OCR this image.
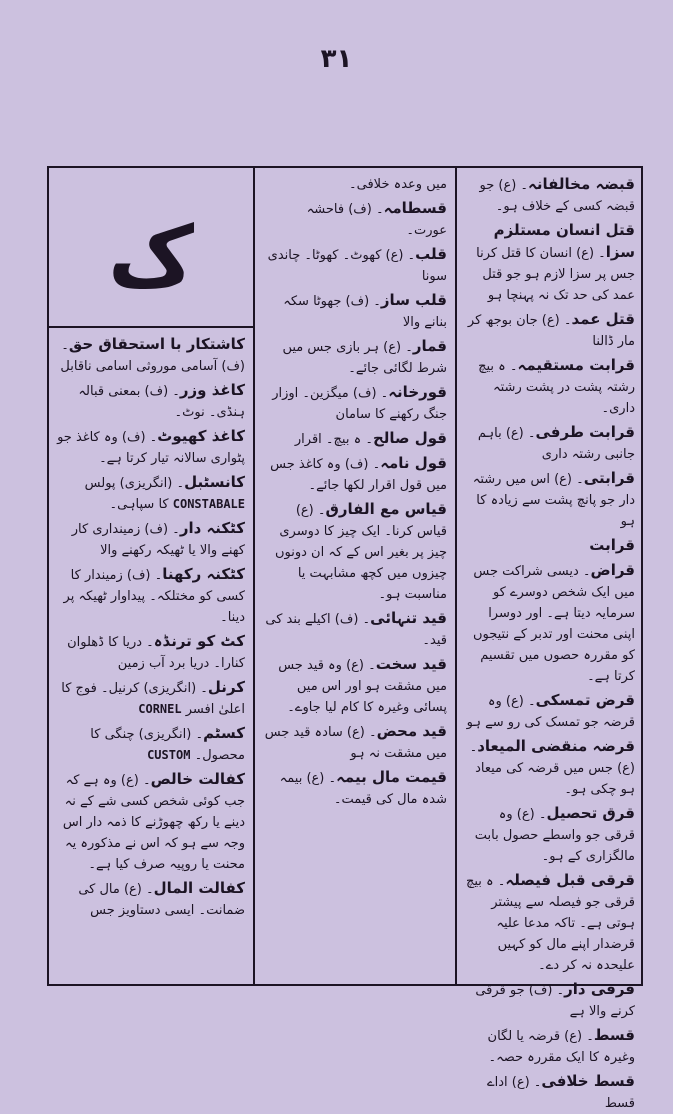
۳۱

قبضہ مخالفانہ۔ (ع) جو قبضہ کسی کے خلاف ہو۔

قتل انسان مستلزم سزا۔ (ع) انسان کا قتل کرنا جس پر سزا لازم ہو جو قتل عمد کی حد تک نہ پہنچا ہو

قتل عمد۔ (ع) جان بوجھ کر مار ڈالنا

قرابت مستقیمہ۔ ہ بیچ رشتہ پشت در پشت رشتہ داری۔

قرابت طرفی۔ (ع) باہم جانبی رشتہ داری

قرابتی۔ (ع) اس میں رشتہ دار جو پانچ پشت سے زیادہ کا ہو

قرابت

قراض۔ دیسی شراکت جس میں ایک شخص دوسرے کو سرمایہ دیتا ہے۔ اور دوسرا اپنی محنت اور تدبر کے نتیجوں کو مقررہ حصوں میں تقسیم کرتا ہے۔

قرض تمسکی۔ (ع) وہ قرضہ جو تمسک کی رو سے ہو

قرضہ منقضی المیعاد۔ (ع) جس میں قرضہ کی میعاد ہو چکی ہو۔

قرق تحصیل۔ (ع) وہ قرقی جو واسطے حصول بابت مالگزاری کے ہو۔

قرقی قبل فیصلہ۔ ہ بیچ قرقی جو فیصلہ سے پیشتر ہوتی ہے۔ تاکہ مدعا علیہ قرضدار اپنے مال کو کہیں علیحدہ نہ کر دے۔

قرقی دار۔ (ف) جو قرقی کرنے والا ہے

قسط۔ (ع) قرضہ یا لگان وغیرہ کا ایک مقررہ حصہ۔

قسط خلافی۔ (ع) اداے قسط

میں وعدہ خلافی۔

قسطامہ۔ (ف) فاحشہ عورت۔

قلب۔ (ع) کھوٹ۔ کھوٹا۔ چاندی سونا

قلب ساز۔ (ف) جھوٹا سکہ بنانے والا

قمار۔ (ع) ہر بازی جس میں شرط لگائی جائے۔

قورخانہ۔ (ف) میگزین۔ اوزار جنگ رکھنے کا سامان

قول صالح۔ ہ بیچ۔ اقرار

قول نامہ۔ (ف) وہ کاغذ جس میں قول اقرار لکھا جائے۔

قیاس مع الفارق۔ (ع) قیاس کرنا۔ ایک چیز کا دوسری چیز پر بغیر اس کے کہ ان دونوں چیزوں میں کچھ مشابہت یا مناسبت ہو۔

قید تنہائی۔ (ف) اکیلے بند کی قید۔

قید سخت۔ (ع) وہ قید جس میں مشقت ہو اور اس میں پسائی وغیرہ کا کام لیا جاوے۔

قید محض۔ (ع) سادہ قید جس میں مشقت نہ ہو

قیمت مال بیمہ۔ (ع) بیمہ شدہ مال کی قیمت۔

ک

کاشتکار با استحقاق حق۔ (ف) آسامی موروثی اسامی ناقابل

کاغذ وزر۔ (ف) بمعنی قبالہ ہنڈی۔ نوٹ۔

کاغذ کھیوٹ۔ (ف) وہ کاغذ جو پٹواری سالانہ تیار کرتا ہے۔

کانسٹبل۔ (انگریزی) پولس CONSTABALE کا سپاہی۔

کٹکنہ دار۔ (ف) زمینداری کار کھنے والا یا ٹھیکہ رکھنے والا

کٹکنہ رکھنا۔ (ف) زمیندار کا کسی کو مختلکہ۔ پیداوار ٹھیکہ پر دینا۔

کٹ کو ترنڈہ۔ دریا کا ڈھلوان کنارا۔ دریا برد آب زمین

کرنل۔ (انگریزی) کرنیل۔ فوج کا اعلیٰ افسر CORNEL

کسٹم۔ (انگریزی) چنگی کا محصول۔ CUSTOM

کفالت خالص۔ (ع) وہ ہے کہ جب کوئی شخص کسی شے کے نہ دینے یا رکھ چھوڑنے کا ذمہ دار اس وجہ سے ہو کہ اس نے مذکورہ یہ محنت یا روپیہ صرف کیا ہے۔

کفالت المال۔ (ع) مال کی ضمانت۔ ایسی دستاویز جس
